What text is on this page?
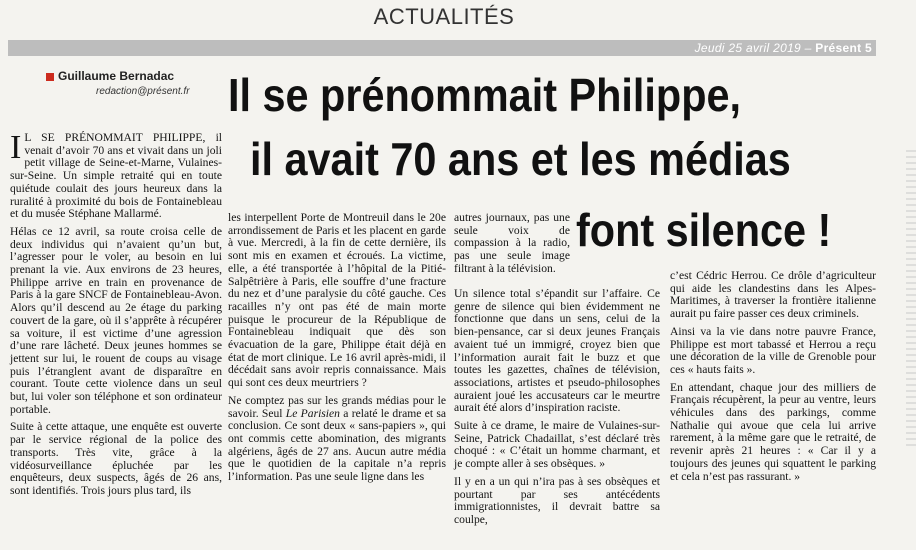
ACTUALITÉS
Jeudi 25 avril 2019 – Présent 5
Guillaume Bernadac
redaction@présent.fr Il se prénommait Philippe,
il avait 70 ans et les médias
font silence !

I L SE PRÉNOMMAIT PHILIPPE, il venait d’avoir 70 ans et vivait dans un joli petit village de Seine-et-Marne, Vulaines-sur-Seine. Un simple retraité qui en toute quiétude coulait des jours heureux dans la ruralité à proximité du bois de Fontainebleau et du musée Stéphane Mallarmé.

Hélas ce 12 avril, sa route croisa celle de deux individus qui n’avaient qu’un but, l’agresser pour le voler, au besoin en lui prenant la vie. Aux environs de 23 heures, Philippe arrive en train en provenance de Paris à la gare SNCF de Fontainebleau-Avon. Alors qu’il descend au 2e étage du parking couvert de la gare, où il s’apprête à récupérer sa voiture, il est victime d’une agression d’une rare lâcheté. Deux jeunes hommes se jettent sur lui, le rouent de coups au visage puis l’étranglent avant de disparaître en courant. Toute cette violence dans un seul but, lui voler son téléphone et son ordinateur portable.

Suite à cette attaque, une enquête est ouverte par le service régional de la police des transports. Très vite, grâce à la vidéosurveillance épluchée par les enquêteurs, deux suspects, âgés de 26 ans, sont identifiés. Trois jours plus tard, ils

les interpellent Porte de Montreuil dans le 20e arrondissement de Paris et les placent en garde à vue. Mercredi, à la fin de cette dernière, ils sont mis en examen et écroués. La victime, elle, a été transportée à l’hôpital de la Pitié-Salpêtrière à Paris, elle souffre d’une fracture du nez et d’une paralysie du côté gauche. Ces racailles n’y ont pas été de main morte puisque le procureur de la République de Fontainebleau indiquait que dès son évacuation de la gare, Philippe était déjà en état de mort clinique. Le 16 avril après-midi, il décédait sans avoir repris connaissance. Mais qui sont ces deux meurtriers ?

Ne comptez pas sur les grands médias pour le savoir. Seul Le Parisien a relaté le drame et sa conclusion. Ce sont deux « sans-papiers », qui ont commis cette abomination, des migrants algériens, âgés de 27 ans. Aucun autre média que le quotidien de la capitale n’a repris l’information. Pas une seule ligne dans les

autres journaux, pas une seule voix de compassion à la radio, pas une seule image filtrant à la télévision.

Un silence total s’épandit sur l’affaire. Ce genre de silence qui bien évidemment ne fonctionne que dans un sens, celui de la bien-pensance, car si deux jeunes Français avaient tué un immigré, croyez bien que l’information aurait fait le buzz et que toutes les gazettes, chaînes de télévision, associations, artistes et pseudo-philosophes auraient joué les accusateurs car le meurtre aurait été alors d’inspiration raciste.

Suite à ce drame, le maire de Vulaines-sur-Seine, Patrick Chadaillat, s’est déclaré très choqué : « C’était un homme charmant, et je compte aller à ses obsèques. »

Il y en a un qui n’ira pas à ses obsèques et pourtant par ses antécédents immigrationnistes, il devrait battre sa coulpe,

c’est Cédric Herrou. Ce drôle d’agriculteur qui aide les clandestins dans les Alpes-Maritimes, à traverser la frontière italienne aurait pu faire passer ces deux criminels.

Ainsi va la vie dans notre pauvre France, Philippe est mort tabassé et Herrou a reçu une décoration de la ville de Grenoble pour ces « hauts faits ».

En attendant, chaque jour des milliers de Français récupèrent, la peur au ventre, leurs véhicules dans des parkings, comme Nathalie qui avoue que cela lui arrive rarement, à la même gare que le retraité, de revenir après 21 heures : « Car il y a toujours des jeunes qui squattent le parking et cela n’est pas rassurant. »
